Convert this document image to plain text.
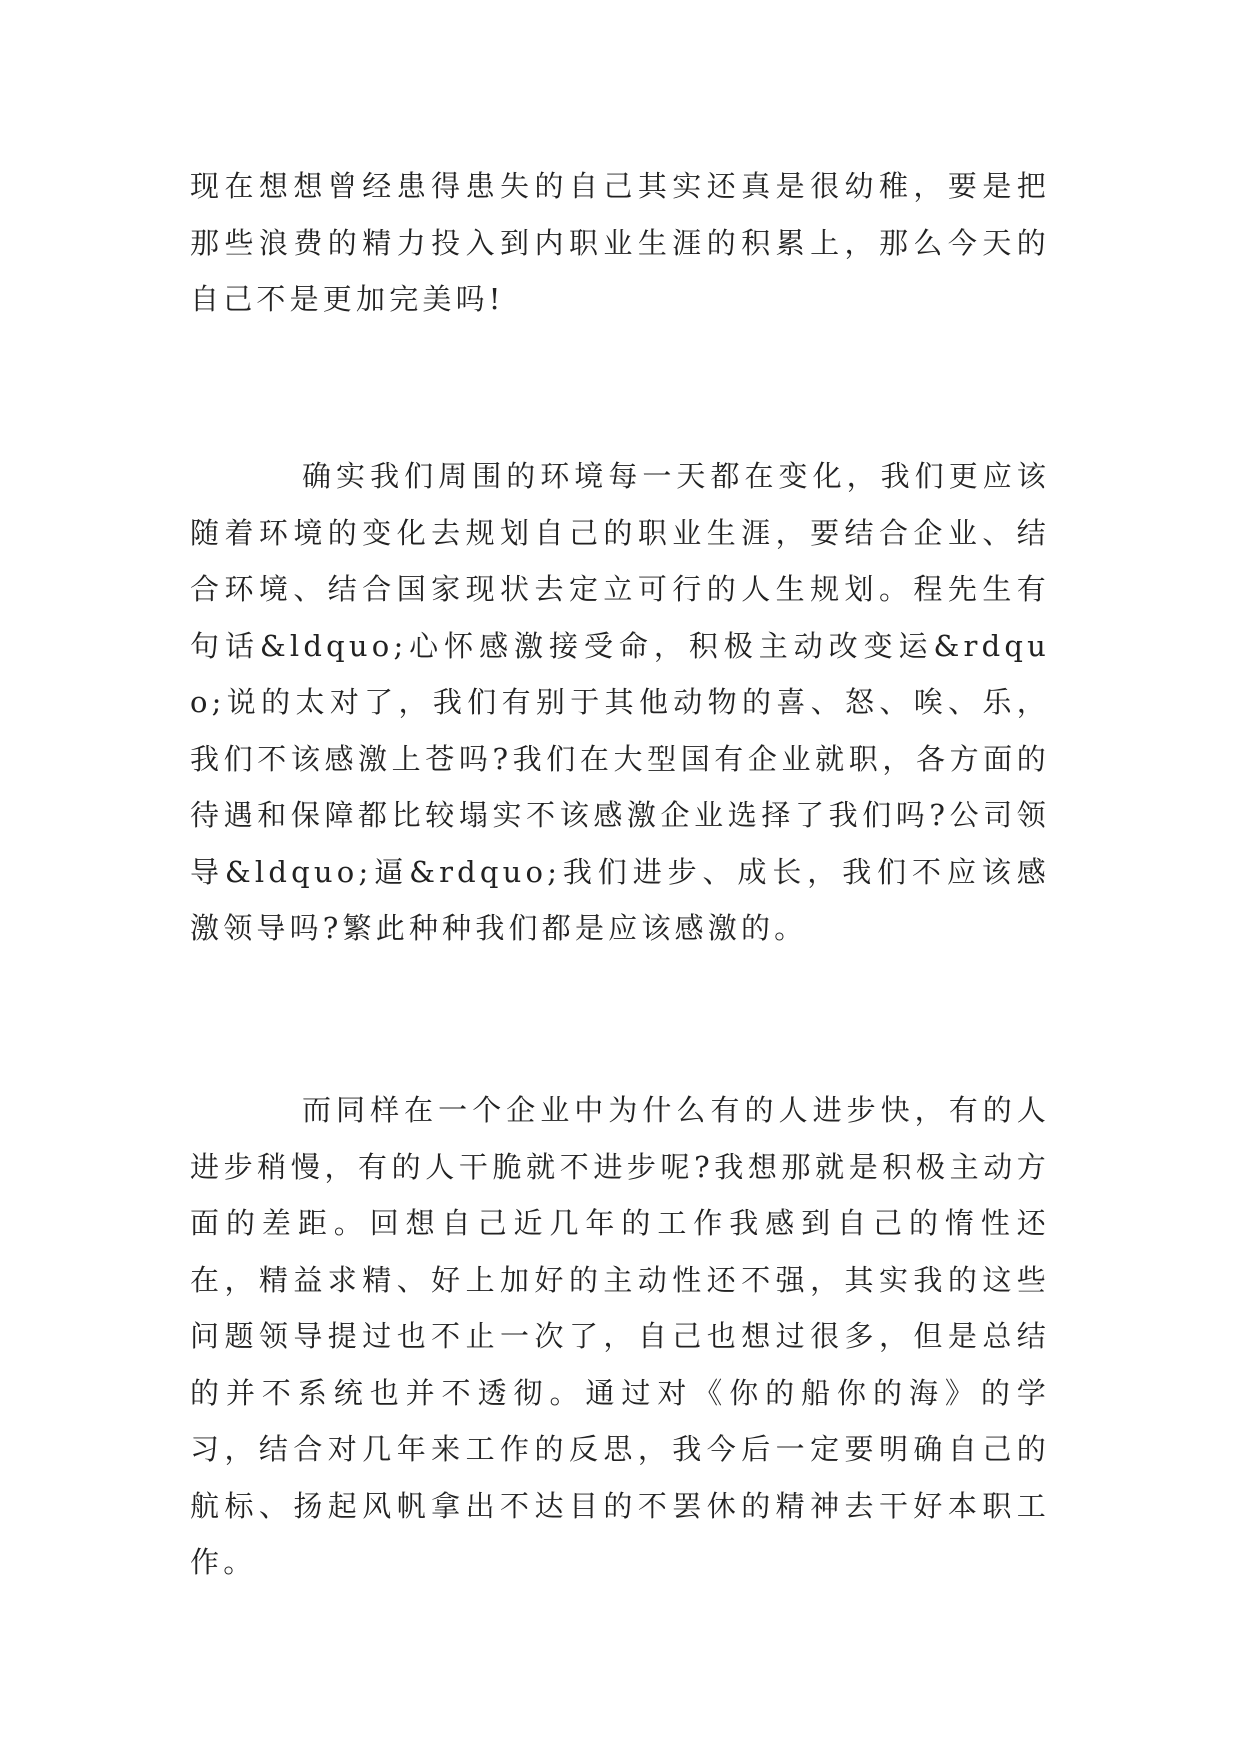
现在想想曾经患得患失的自己其实还真是很幼稚，要是把那些浪费的精力投入到内职业生涯的积累上，那么今天的自己不是更加完美吗!

确实我们周围的环境每一天都在变化，我们更应该随着环境的变化去规划自己的职业生涯，要结合企业、结合环境、结合国家现状去定立可行的人生规划。程先生有句话&ldquo;心怀感激接受命，积极主动改变运&rdquo;说的太对了，我们有别于其他动物的喜、怒、唉、乐，我们不该感激上苍吗?我们在大型国有企业就职，各方面的待遇和保障都比较塌实不该感激企业选择了我们吗?公司领导&ldquo;逼&rdquo;我们进步、成长，我们不应该感激领导吗?繁此种种我们都是应该感激的。

而同样在一个企业中为什么有的人进步快，有的人进步稍慢，有的人干脆就不进步呢?我想那就是积极主动方面的差距。回想自己近几年的工作我感到自己的惰性还在，精益求精、好上加好的主动性还不强，其实我的这些问题领导提过也不止一次了，自己也想过很多，但是总结的并不系统也并不透彻。通过对《你的船你的海》的学习，结合对几年来工作的反思，我今后一定要明确自己的航标、扬起风帆拿出不达目的不罢休的精神去干好本职工作。
